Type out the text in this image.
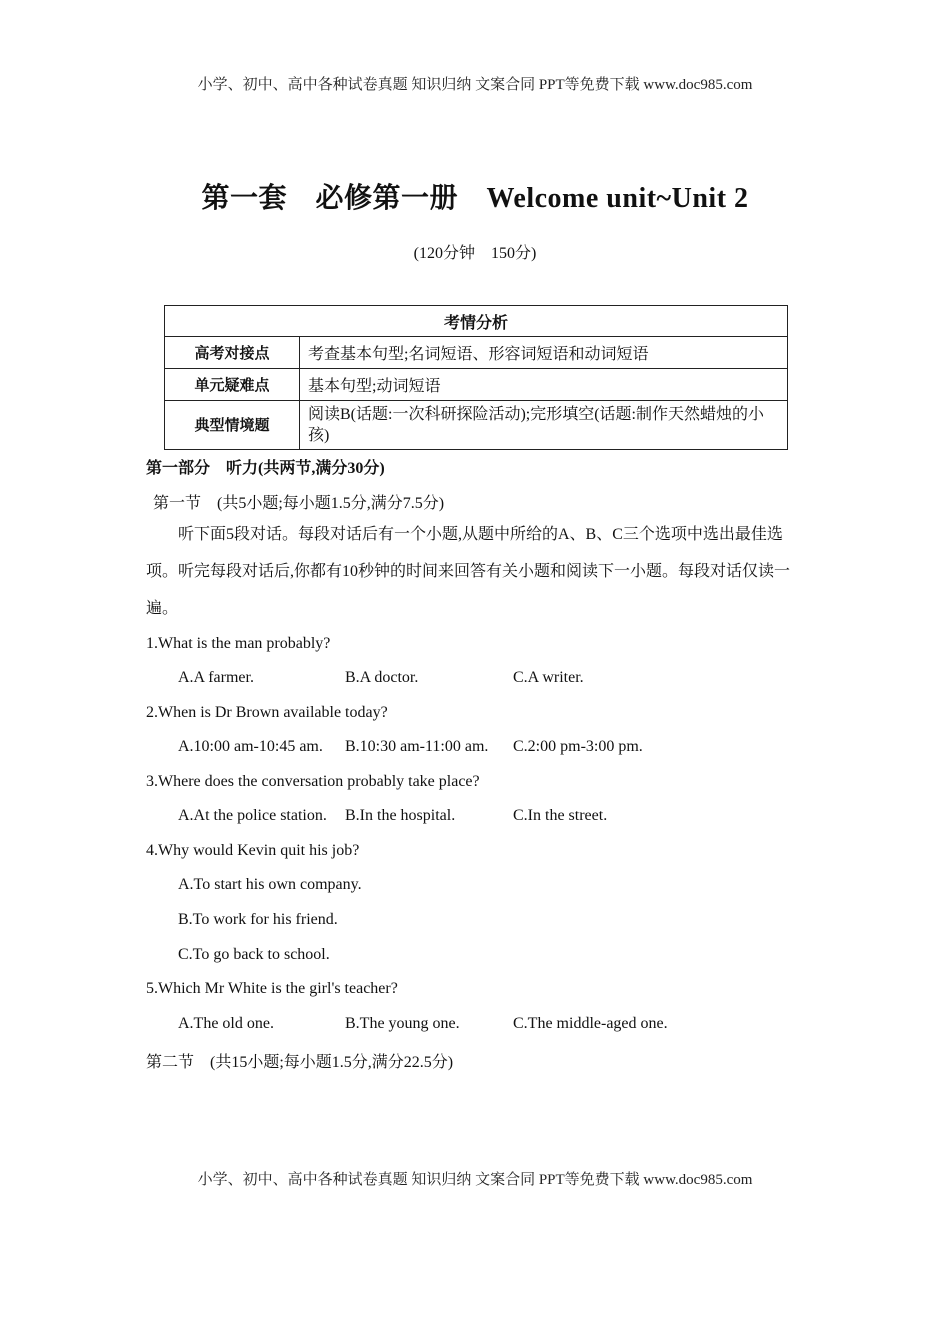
小学、初中、高中各种试卷真题 知识归纳 文案合同 PPT等免费下载 www.doc985.com
第一套　必修第一册　Welcome unit~Unit 2
(120分钟　150分)
考情分析	
高考对接点	考查基本句型;名词短语、形容词短语和动词短语
单元疑难点	基本句型;动词短语
典型情境题	阅读B(话题:一次科研探险活动);完形填空(话题:制作天然蜡烛的小孩)
第一部分　听力(共两节,满分30分)
第一节　(共5小题;每小题1.5分,满分7.5分)
听下面5段对话。每段对话后有一个小题,从题中所给的A、B、C三个选项中选出最佳选项。听完每段对话后,你都有10秒钟的时间来回答有关小题和阅读下一小题。每段对话仅读一遍。
1.What is the man probably?
A.A farmer.	B.A doctor.	C.A writer.
2.When is Dr Brown available today?
A.10:00 am-10:45 am. B.10:30 am-11:00 am. C.2:00 pm-3:00 pm.
3.Where does the conversation probably take place?
A.At the police station. B.In the hospital.	C.In the street.
4.Why would Kevin quit his job?
A.To start his own company.
B.To work for his friend.
C.To go back to school.
5.Which Mr White is the girl's teacher?
A.The old one.	B.The young one.	C.The middle-aged one.
第二节　(共15小题;每小题1.5分,满分22.5分)
小学、初中、高中各种试卷真题 知识归纳 文案合同 PPT等免费下载 www.doc985.com
